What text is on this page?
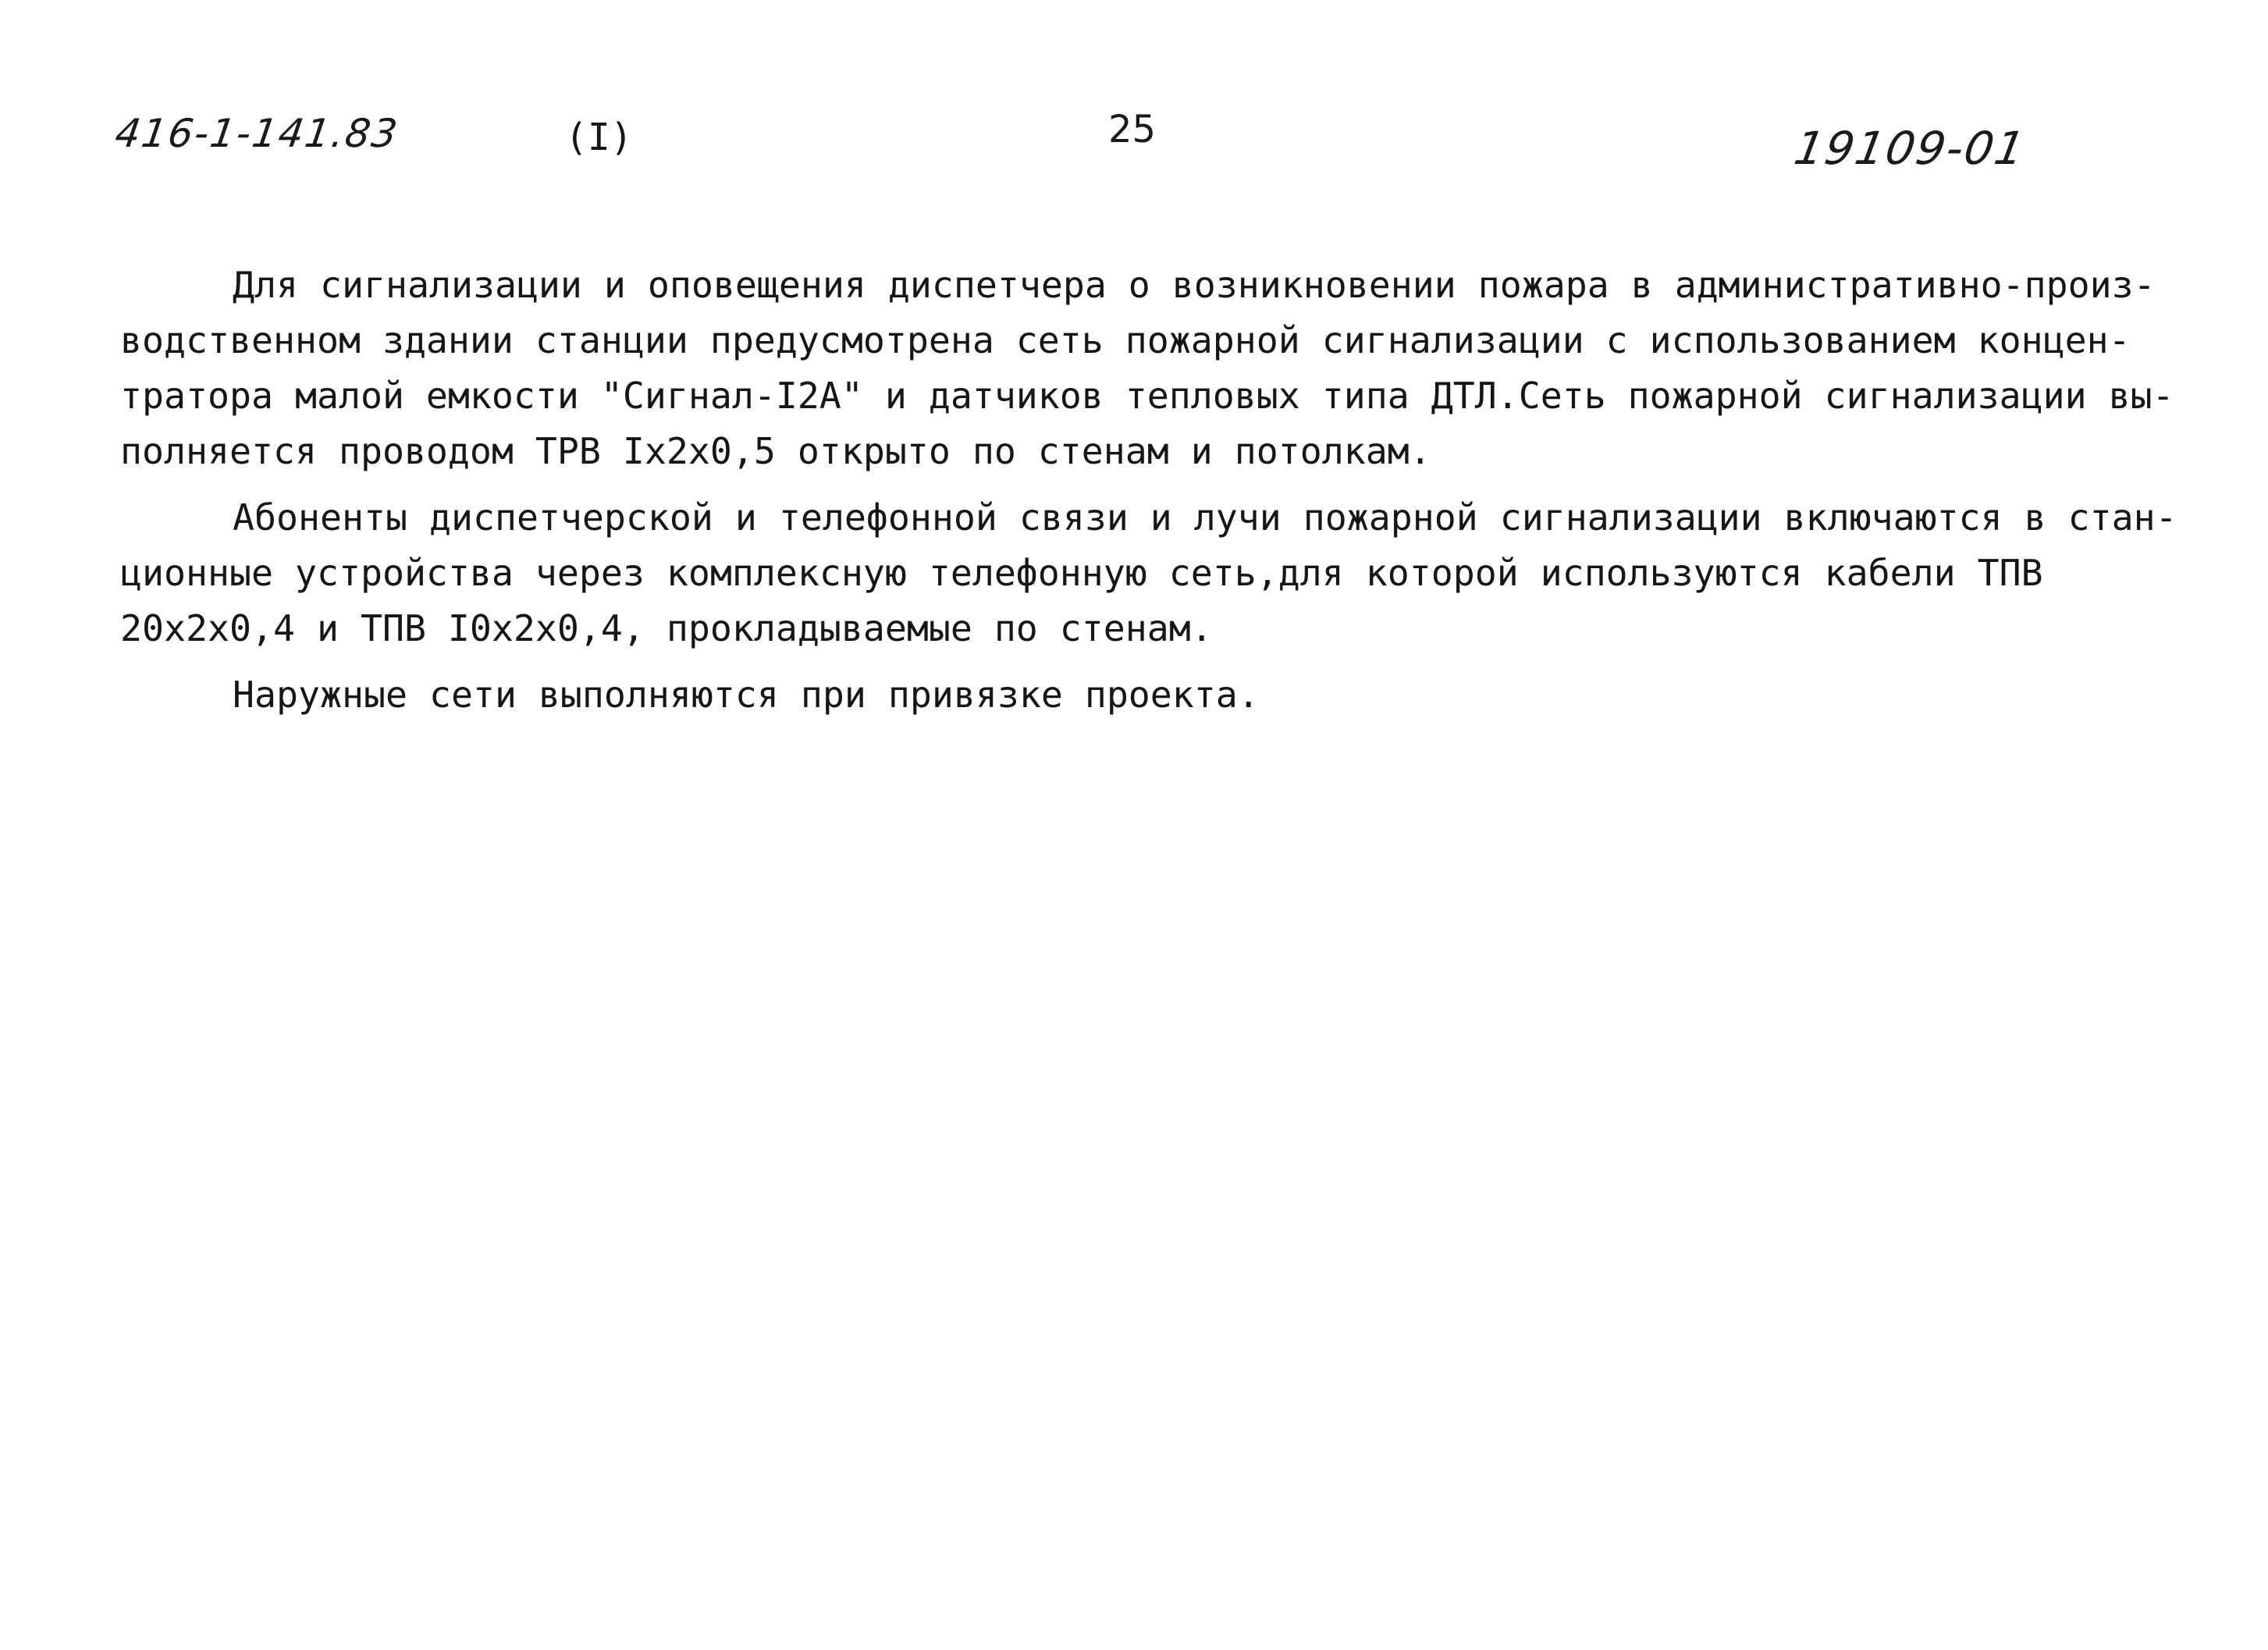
416-1-141.83	(I)	25	19109-01

Для сигнализации и оповещения диспетчера о возникновении пожара в административно-произ-
водственном здании станции предусмотрена сеть пожарной сигнализации с использованием концен-
тратора малой емкости "Сигнал-I2А" и датчиков тепловых типа ДТЛ.Сеть пожарной сигнализации вы-
полняется проводом ТРВ Iх2х0,5 открыто по стенам и потолкам.

Абоненты диспетчерской и телефонной связи и лучи пожарной сигнализации включаются в стан-
ционные устройства через комплексную телефонную сеть,для которой используются кабели ТПВ
20х2х0,4 и ТПВ I0х2х0,4, прокладываемые по стенам.

Наружные сети выполняются при привязке проекта.
